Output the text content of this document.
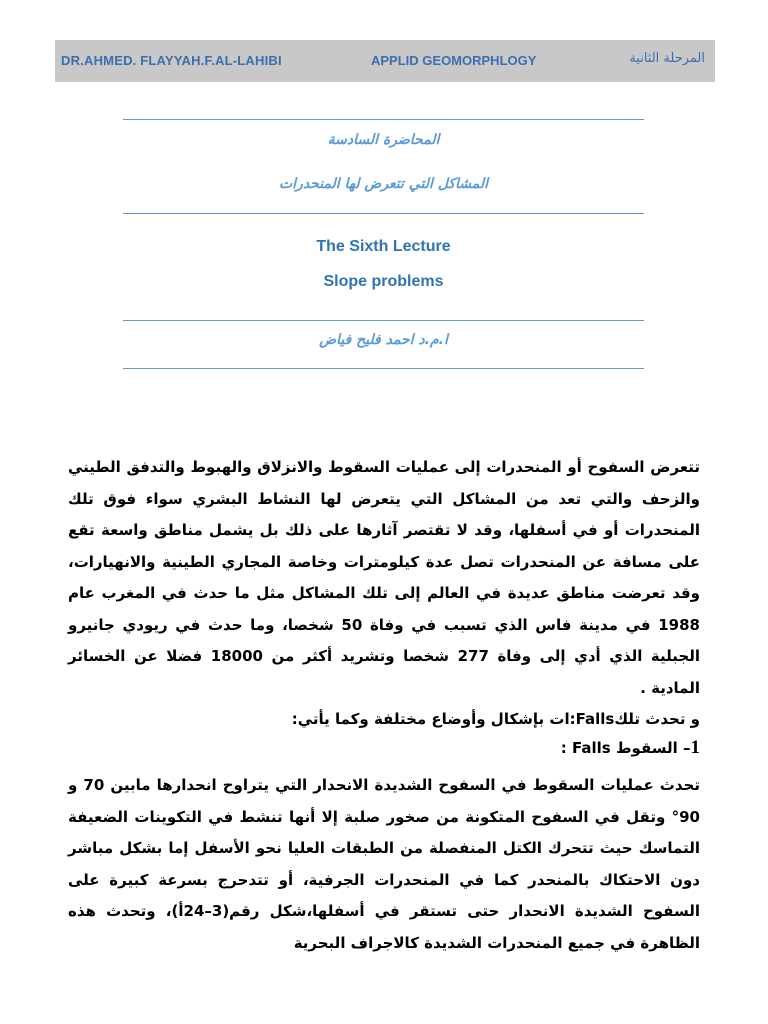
DR.AHMED. FLAYYAH.F.AL-LAHIBI	APPLID GEOMORPHLOGY	المرحلة الثانية
المحاضرة السادسة
المشاكل التي تتعرض لها المنحدرات
The Sixth Lecture
Slope problems
ا.م.د احمد فليح فياض

تتعرض السفوح أو المنحدرات إلى عمليات السقوط والانزلاق والهبوط والتدفق الطيني والزحف والتي تعد من المشاكل التي يتعرض لها النشاط البشري سواء فوق تلك المنحدرات أو في أسفلها، وقد لا تقتصر آثارها على ذلك بل يشمل مناطق واسعة تقع على مسافة عن المنحدرات تصل عدة كيلومترات وخاصة المجاري الطينية والانهيارات، وقد تعرضت مناطق عديدة في العالم إلى تلك المشاكل مثل ما حدث في المغرب عام 1988 في مدينة فاس الذي تسبب في وفاة 50 شخصا، وما حدث في ريودي جانيرو الجبلية الذي أدي إلى وفاة 277 شخصا وتشريد أكثر من 18000 فضلا عن الخسائر المادية .

و تحدث تلكFalls:ات بإشكال وأوضاع مختلفة وكما يأتي:

1– السقوط Falls :

تحدث عمليات السقوط في السفوح الشديدة الانحدار التي يتراوح انحدارها مابين 70 و 90° وتقل في السفوح المتكونة من صخور صلبة إلا أنها تنشط في التكوينات الضعيفة التماسك حيث تتحرك الكتل المنفصلة من الطبقات العليا نحو الأسفل إما بشكل مباشر دون الاحتكاك بالمنحدر كما في المنحدرات الجرفية، أو تتدحرج بسرعة كبيرة على السفوح الشديدة الانحدار حتى تستقر في أسفلها،شكل رقم(3–24أ)، وتحدث هذه الظاهرة في جميع المنحدرات الشديدة كالاجراف البحرية
